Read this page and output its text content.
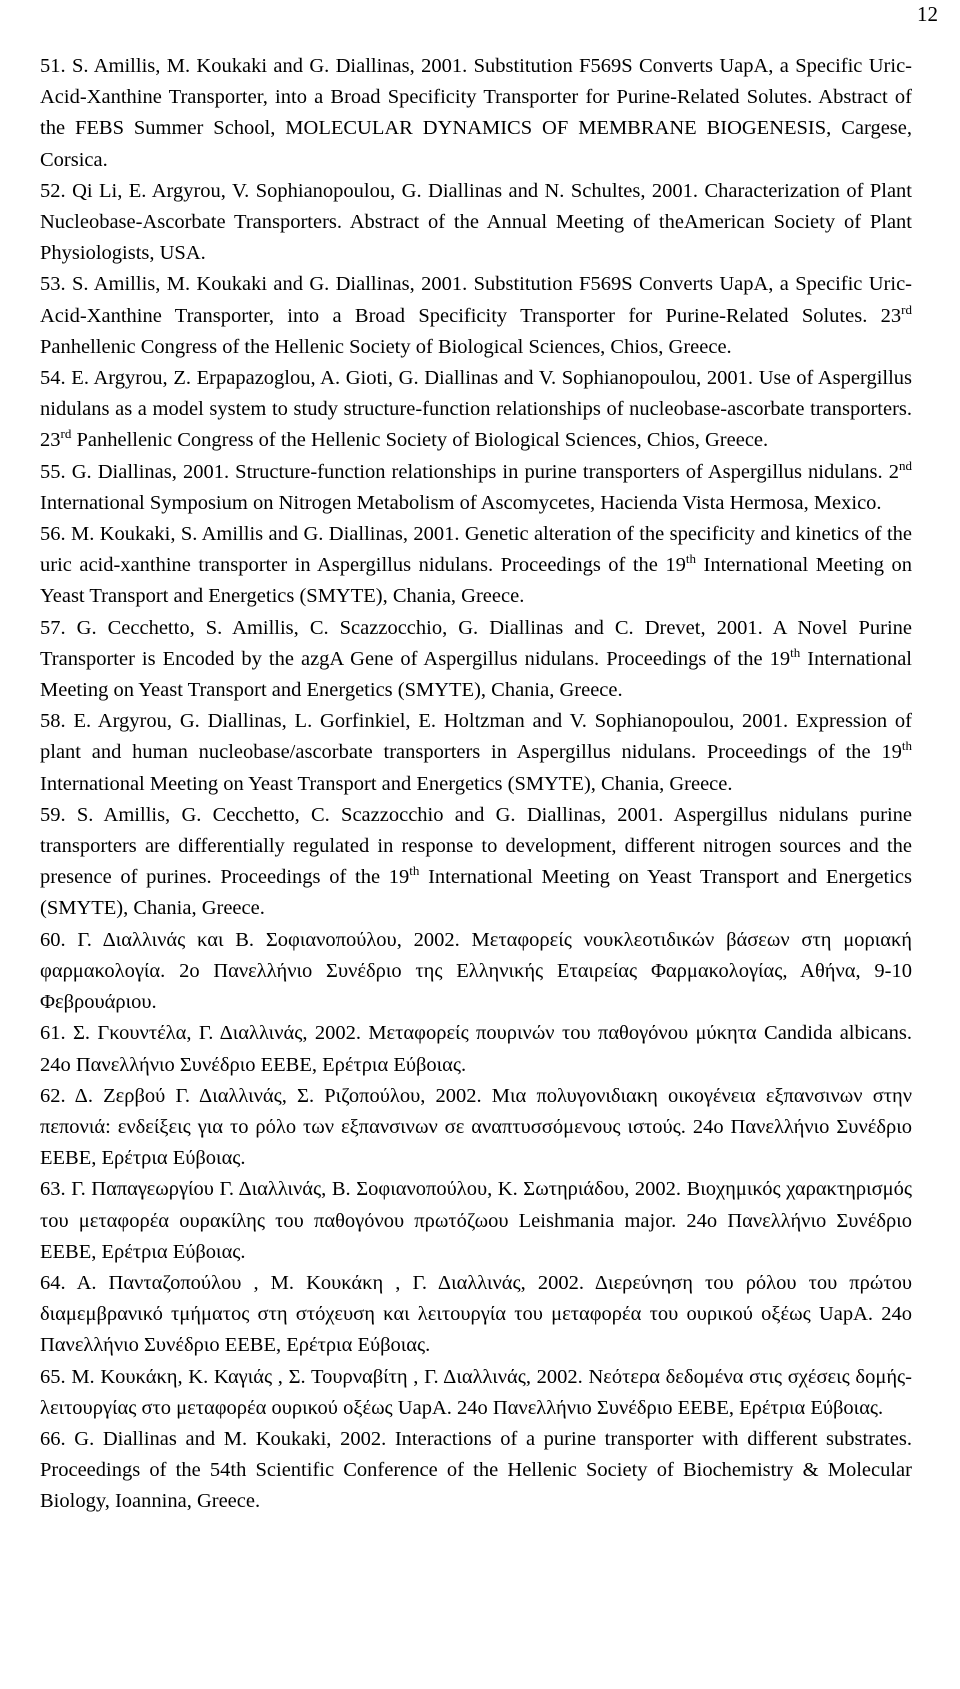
12

51. S. Amillis, M. Koukaki and G. Diallinas, 2001. Substitution F569S Converts UapA, a Specific Uric-Acid-Xanthine Transporter, into a Broad Specificity Transporter for Purine-Related Solutes. Abstract of the FEBS Summer School, MOLECULAR DYNAMICS OF MEMBRANE BIOGENESIS, Cargese, Corsica.

52. Qi Li, E. Argyrou, V. Sophianopoulou, G. Diallinas and N. Schultes, 2001. Characterization of Plant Nucleobase-Ascorbate Transporters. Abstract of the Annual Meeting of theAmerican Society of Plant Physiologists, USA.

53. S. Amillis, M. Koukaki and G. Diallinas, 2001. Substitution F569S Converts UapA, a Specific Uric-Acid-Xanthine Transporter, into a Broad Specificity Transporter for Purine-Related Solutes. 23rd Panhellenic Congress of the Hellenic Society of Biological Sciences, Chios, Greece.

54. E. Argyrou, Z. Erpapazoglou, A. Gioti, G. Diallinas and V. Sophianopoulou, 2001. Use of Aspergillus nidulans as a model system to study structure-function relationships of nucleobase-ascorbate transporters. 23rd Panhellenic Congress of the Hellenic Society of Biological Sciences, Chios, Greece.

55. G. Diallinas, 2001. Structure-function relationships in purine transporters of Aspergillus nidulans. 2nd International Symposium on Nitrogen Metabolism of Ascomycetes, Hacienda Vista Hermosa, Mexico.

56. M. Koukaki, S. Amillis and G. Diallinas, 2001. Genetic alteration of the specificity and kinetics of the uric acid-xanthine transporter in Aspergillus nidulans. Proceedings of the 19th International Meeting on Yeast Transport and Energetics (SMYTE), Chania, Greece.

57. G. Cecchetto, S. Amillis, C. Scazzocchio, G. Diallinas and C. Drevet, 2001. A Novel Purine Transporter is Encoded by the azgA Gene of Aspergillus nidulans. Proceedings of the 19th International Meeting on Yeast Transport and Energetics (SMYTE), Chania, Greece.

58. E. Argyrou, G. Diallinas, L. Gorfinkiel, E. Holtzman and V. Sophianopoulou, 2001. Expression of plant and human nucleobase/ascorbate transporters in Aspergillus nidulans. Proceedings of the 19th International Meeting on Yeast Transport and Energetics (SMYTE), Chania, Greece.

59. S. Amillis, G. Cecchetto, C. Scazzocchio and G. Diallinas, 2001. Aspergillus nidulans purine transporters are differentially regulated in response to development, different nitrogen sources and the presence of purines. Proceedings of the 19th International Meeting on Yeast Transport and Energetics (SMYTE), Chania, Greece.

60. Γ. Διαλλινάς και Β. Σοφιανοπούλου, 2002. Μεταφορείς νουκλεοτιδικών βάσεων στη μοριακή φαρμακολογία. 2ο Πανελλήνιο Συνέδριο της Ελληνικής Εταιρείας Φαρμακολογίας, Αθήνα, 9-10 Φεβρουάριου.

61. Σ. Γκουντέλα, Γ. Διαλλινάς, 2002. Μεταφορείς πουρινών του παθογόνου μύκητα Candida albicans. 24ο Πανελλήνιο Συνέδριο ΕΕΒΕ, Ερέτρια Εύβοιας.

62. Δ. Ζερβού Γ. Διαλλινάς, Σ. Ριζοπούλου, 2002. Μια πολυγονιδιακη οικογένεια εξπανσινων στην πεπονιά: ενδείξεις για το ρόλο των εξπανσινων σε αναπτυσσόμενους ιστούς. 24ο Πανελλήνιο Συνέδριο ΕΕΒΕ, Ερέτρια Εύβοιας.

63. Γ. Παπαγεωργίου Γ. Διαλλινάς, Β. Σοφιανοπούλου, Κ. Σωτηριάδου, 2002. Βιοχημικός χαρακτηρισμός του μεταφορέα ουρακίλης του παθογόνου πρωτόζωου Leishmania major. 24ο Πανελλήνιο Συνέδριο ΕΕΒΕ, Ερέτρια Εύβοιας.

64. Α. Πανταζοπούλου , Μ. Κουκάκη , Γ. Διαλλινάς, 2002. Διερεύνηση του ρόλου του πρώτου διαμεμβρανικό τμήματος στη στόχευση και λειτουργία του μεταφορέα του ουρικού οξέως UapA. 24ο Πανελλήνιο Συνέδριο ΕΕΒΕ, Ερέτρια Εύβοιας.

65. Μ. Κουκάκη, Κ. Καγιάς , Σ. Τουρναβίτη , Γ. Διαλλινάς, 2002. Νεότερα δεδομένα στις σχέσεις δομής-λειτουργίας στο μεταφορέα ουρικού οξέως UapA. 24ο Πανελλήνιο Συνέδριο ΕΕΒΕ, Ερέτρια Εύβοιας.

66. G. Diallinas and M. Koukaki, 2002. Interactions of a purine transporter with different substrates. Proceedings of the 54th Scientific Conference of the Hellenic Society of Biochemistry & Molecular Biology, Ioannina, Greece.
